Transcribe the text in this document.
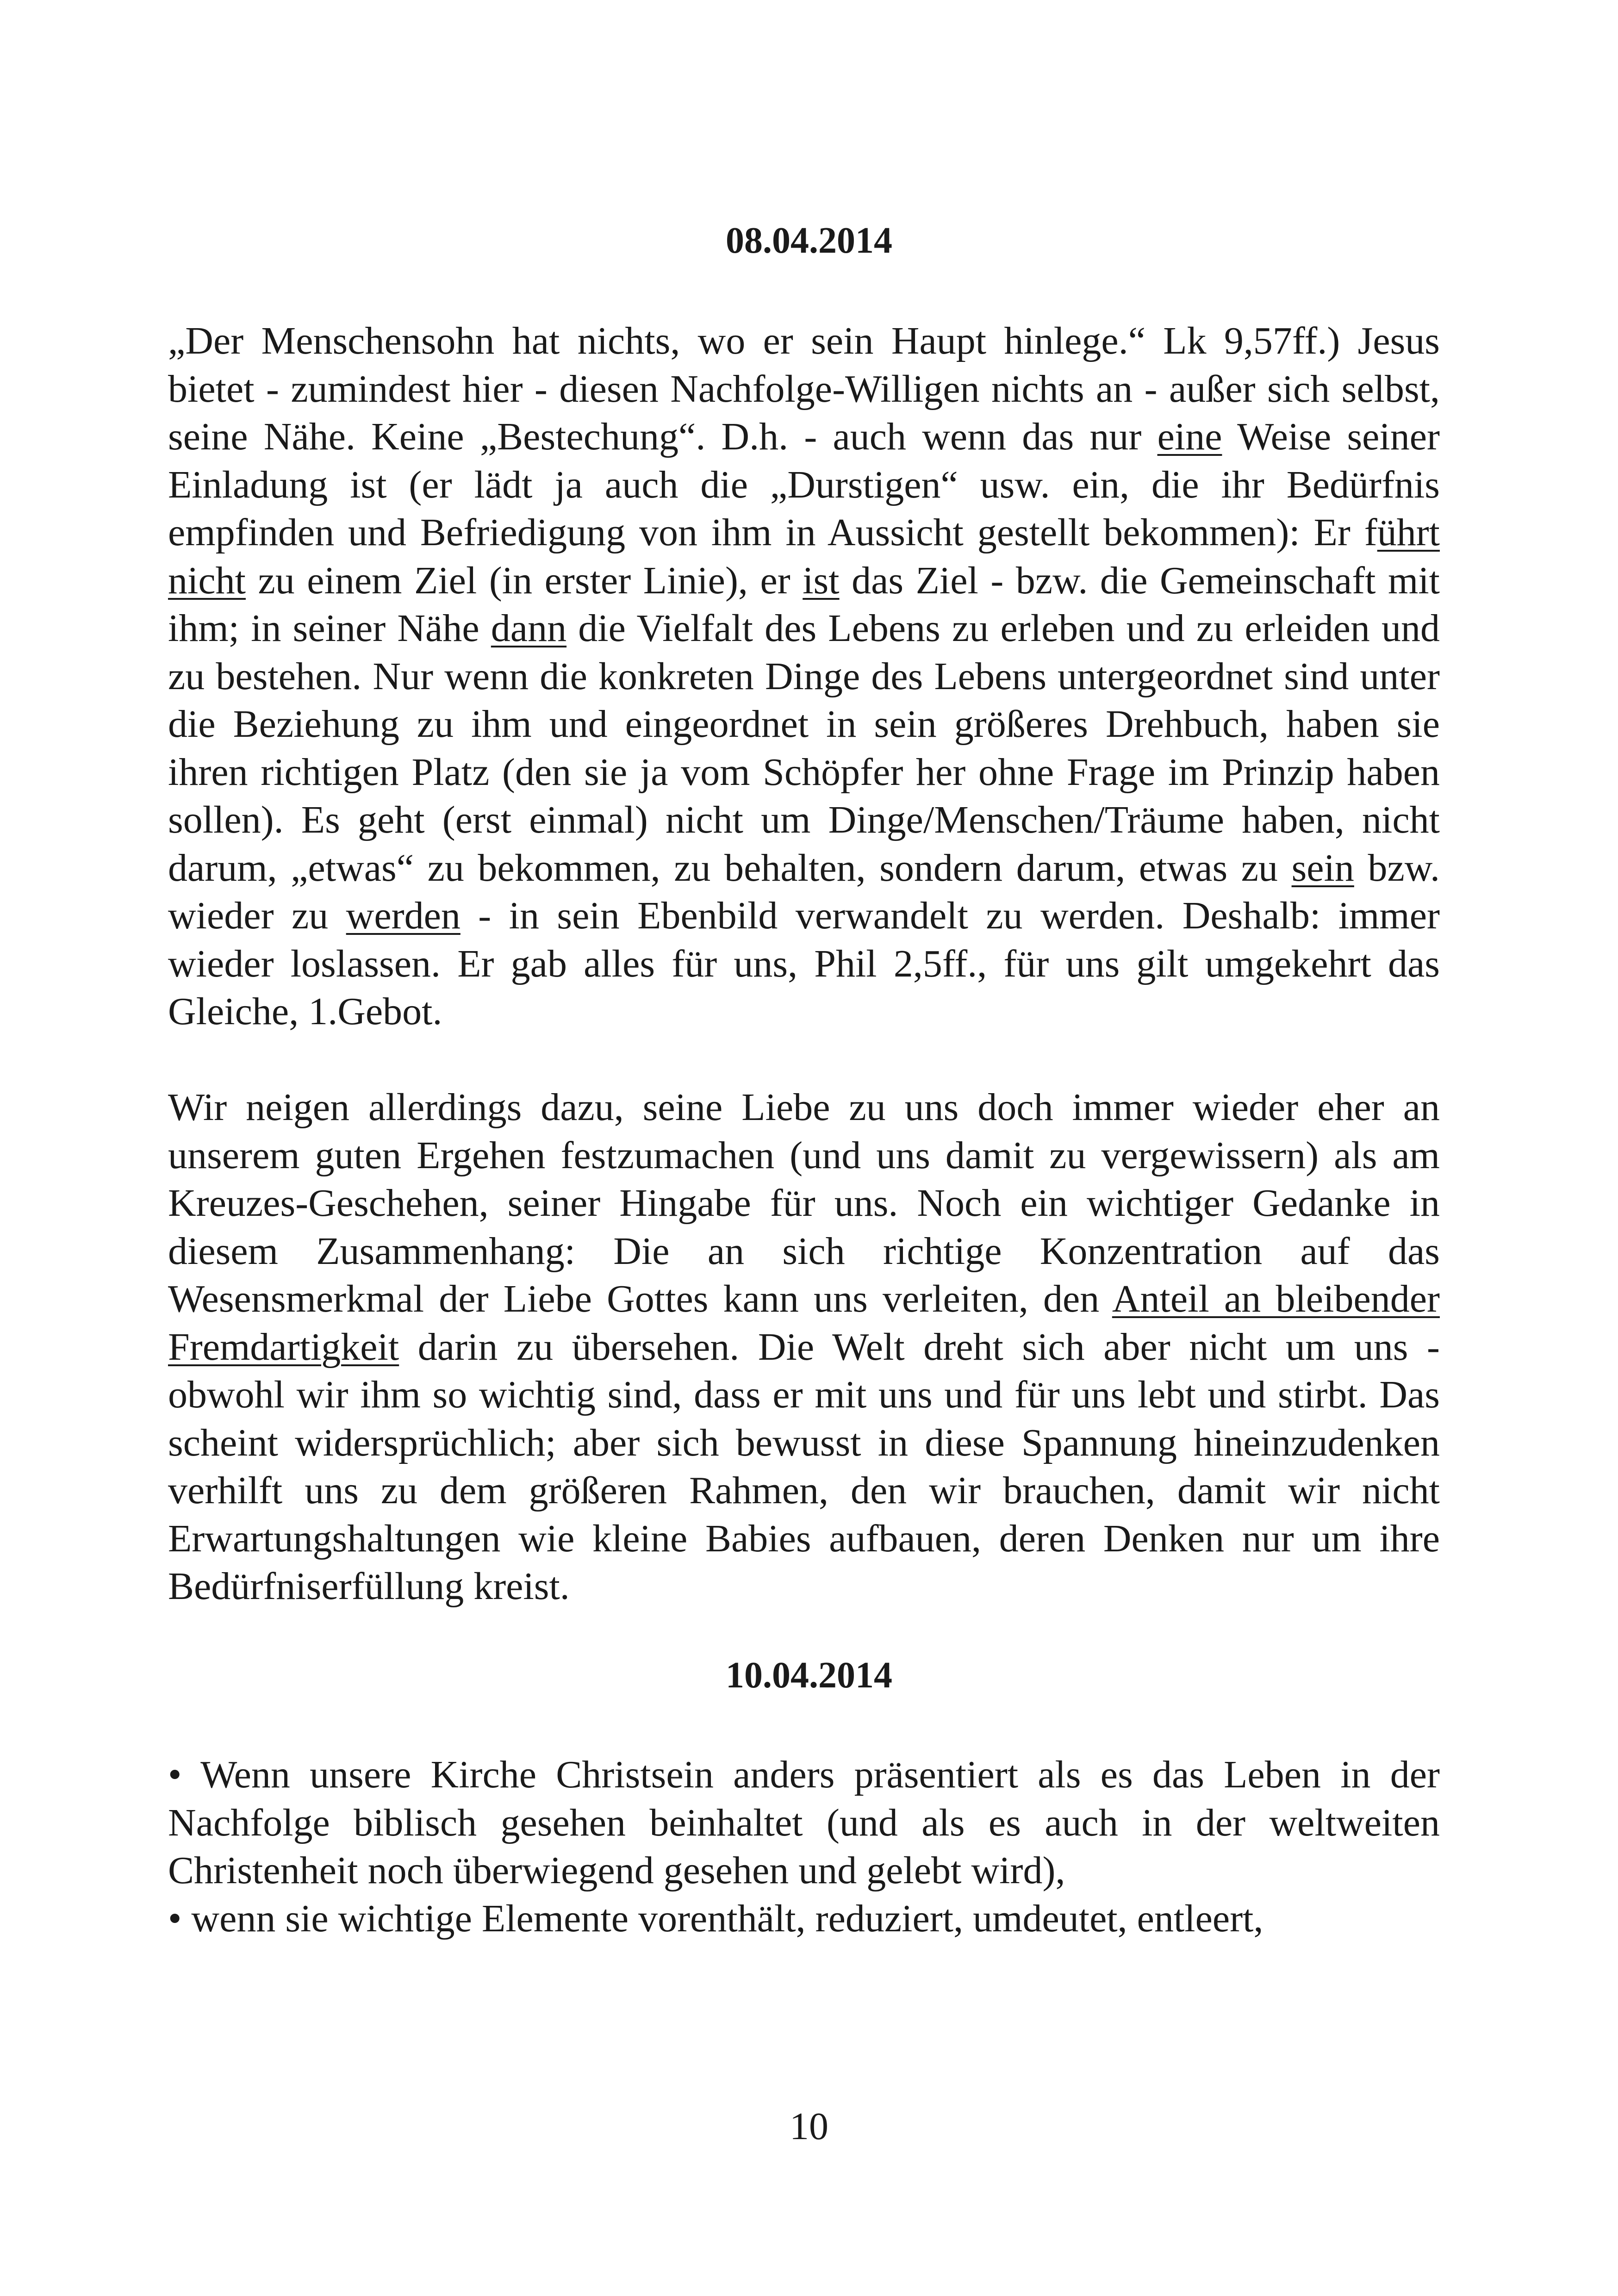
08.04.2014

„Der Menschensohn hat nichts, wo er sein Haupt hinlege.“ Lk 9,57ff.) Jesus bietet - zumindest hier - diesen Nachfolge-Willigen nichts an - außer sich selbst, seine Nähe. Keine „Bestechung“. D.h. - auch wenn das nur eine Weise seiner Einladung ist (er lädt ja auch die „Durstigen“ usw. ein, die ihr Bedürfnis empfinden und Befriedigung von ihm in Aussicht gestellt bekommen): Er führt nicht zu einem Ziel (in erster Linie), er ist das Ziel - bzw. die Gemeinschaft mit ihm; in seiner Nähe dann die Vielfalt des Lebens zu erleben und zu erleiden und zu bestehen. Nur wenn die konkreten Dinge des Lebens untergeordnet sind unter die Beziehung zu ihm und eingeordnet in sein größeres Drehbuch, haben sie ihren richtigen Platz (den sie ja vom Schöpfer her ohne Frage im Prinzip haben sollen). Es geht (erst einmal) nicht um Dinge/Menschen/Träume haben, nicht darum, „etwas“ zu bekommen, zu behalten, sondern darum, etwas zu sein bzw. wieder zu werden - in sein Ebenbild verwandelt zu werden. Deshalb: immer wieder loslassen. Er gab alles für uns, Phil 2,5ff., für uns gilt umgekehrt das Gleiche, 1.Gebot.

Wir neigen allerdings dazu, seine Liebe zu uns doch immer wieder eher an unserem guten Ergehen festzumachen (und uns damit zu vergewissern) als am Kreuzes-Geschehen, seiner Hingabe für uns. Noch ein wichtiger Gedanke in diesem Zusammenhang: Die an sich richtige Konzentration auf das Wesensmerkmal der Liebe Gottes kann uns verleiten, den Anteil an bleibender Fremdartigkeit darin zu übersehen. Die Welt dreht sich aber nicht um uns - obwohl wir ihm so wichtig sind, dass er mit uns und für uns lebt und stirbt. Das scheint widersprüchlich; aber sich bewusst in diese Spannung hineinzudenken verhilft uns zu dem größeren Rahmen, den wir brauchen, damit wir nicht Erwartungshaltungen wie kleine Babies aufbauen, deren Denken nur um ihre Bedürfniserfüllung kreist.

10.04.2014

• Wenn unsere Kirche Christsein anders präsentiert als es das Leben in der Nachfolge biblisch gesehen beinhaltet (und als es auch in der weltweiten Christenheit noch überwiegend gesehen und gelebt wird),

• wenn sie wichtige Elemente vorenthält, reduziert, umdeutet, entleert,

10
